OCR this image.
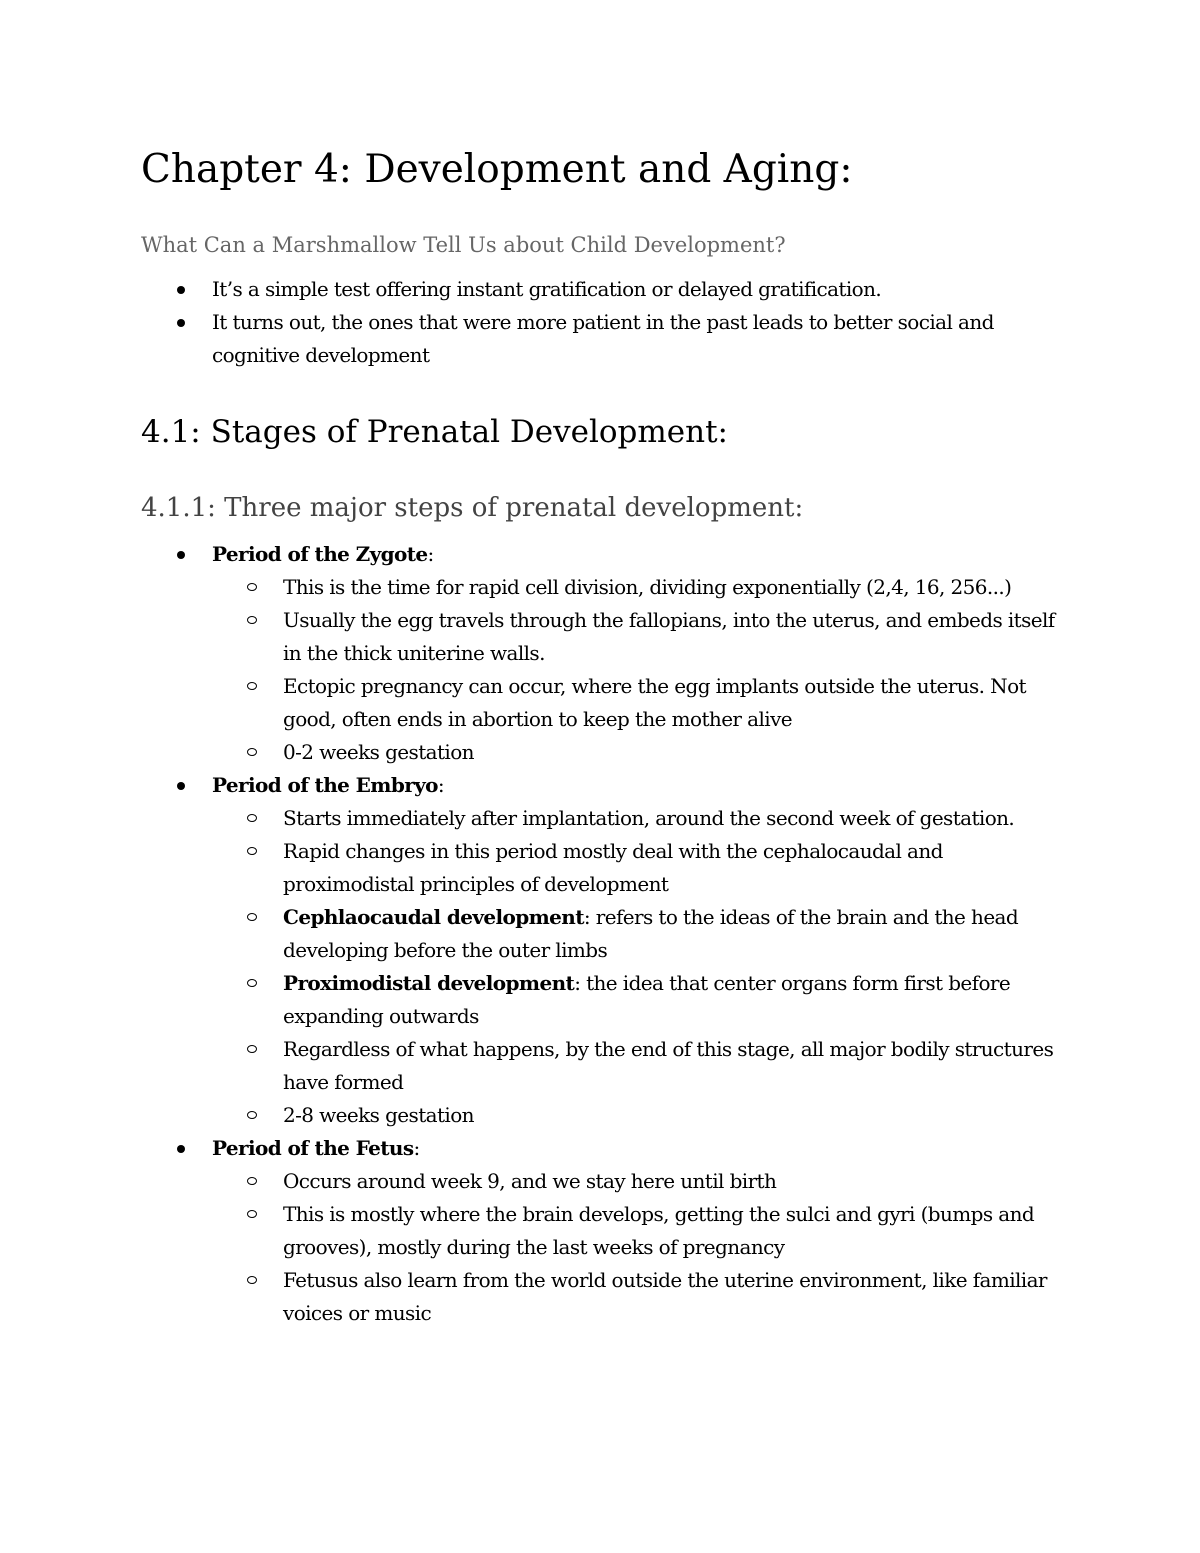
Chapter 4: Development and Aging:

What Can a Marshmallow Tell Us about Child Development?

It’s a simple test offering instant gratification or delayed gratification.
It turns out, the ones that were more patient in the past leads to better social and cognitive development
4.1: Stages of Prenatal Development:
4.1.1: Three major steps of prenatal development:
Period of the Zygote:
This is the time for rapid cell division, dividing exponentially (2,4, 16, 256...)
Usually the egg travels through the fallopians, into the uterus, and embeds itself in the thick uniterine walls.
Ectopic pregnancy can occur, where the egg implants outside the uterus. Not good, often ends in abortion to keep the mother alive
0-2 weeks gestation
Period of the Embryo:
Starts immediately after implantation, around the second week of gestation.
Rapid changes in this period mostly deal with the cephalocaudal and proximodistal principles of development
Cephlaocaudal development: refers to the ideas of the brain and the head developing before the outer limbs
Proximodistal development: the idea that center organs form first before expanding outwards
Regardless of what happens, by the end of this stage, all major bodily structures have formed
2-8 weeks gestation
Period of the Fetus:
Occurs around week 9, and we stay here until birth
This is mostly where the brain develops, getting the sulci and gyri (bumps and grooves), mostly during the last weeks of pregnancy
Fetusus also learn from the world outside the uterine environment, like familiar voices or music
